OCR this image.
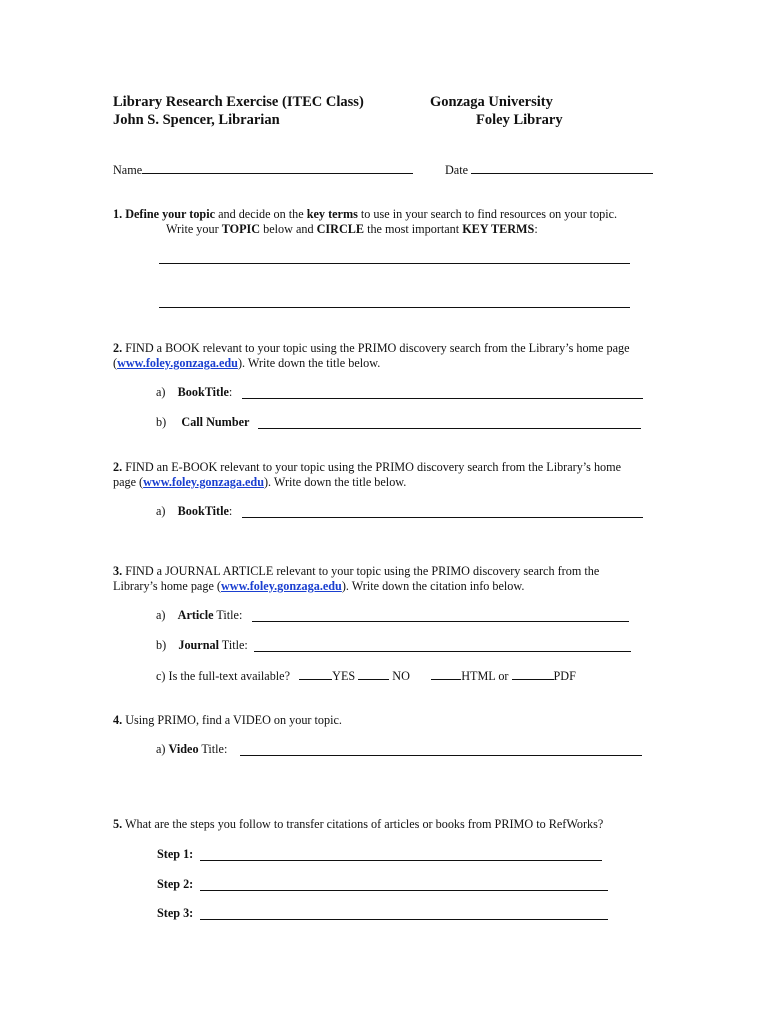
Library Research Exercise (ITEC Class)
John S. Spencer, Librarian
Gonzaga University
Foley Library
Name	Date
1. Define your topic and decide on the key terms to use in your search to find resources on your topic.
Write your TOPIC below and CIRCLE the most important KEY TERMS:
2. FIND a BOOK relevant to your topic using the PRIMO discovery search from the Library’s home page
(www.foley.gonzaga.edu). Write down the title below.
a) BookTitle:
b) Call Number
2. FIND an E-BOOK relevant to your topic using the PRIMO discovery search from the Library’s home
page (www.foley.gonzaga.edu). Write down the title below.
a) BookTitle:
3. FIND a JOURNAL ARTICLE relevant to your topic using the PRIMO discovery search from the
Library’s home page (www.foley.gonzaga.edu). Write down the citation info below.
a) Article Title:
b) Journal Title:
c) Is the full-text available?	YES	NO	HTML or	PDF
4. Using PRIMO, find a VIDEO on your topic.
a) Video Title:
5. What are the steps you follow to transfer citations of articles or books from PRIMO to RefWorks?
Step 1:
Step 2:
Step 3:
